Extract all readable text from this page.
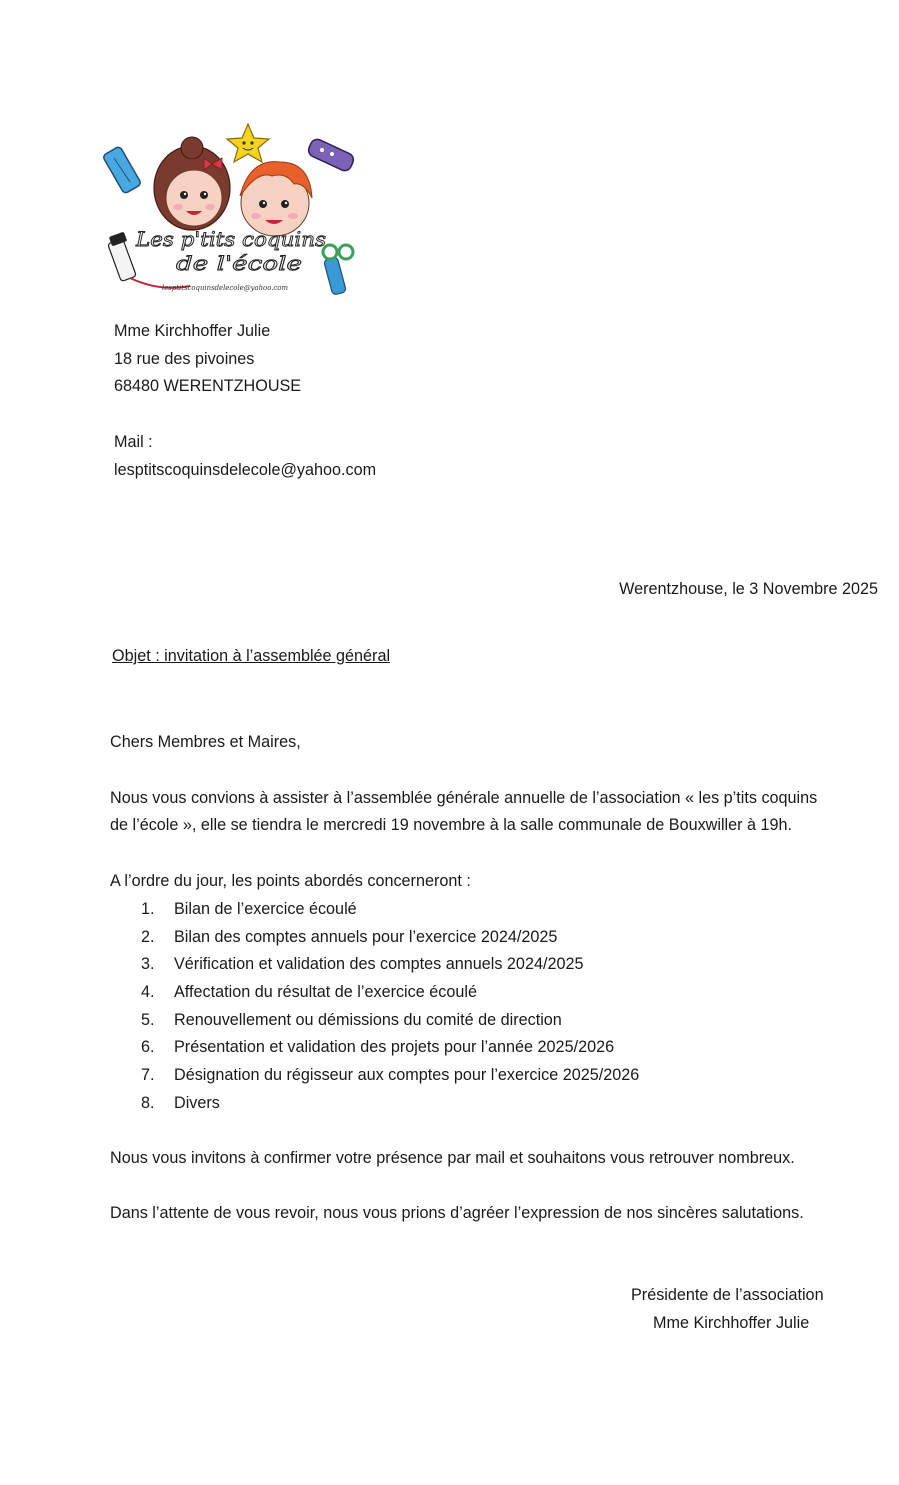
Les p'tits coquins
de l'école
lesptitscoquinsdelecole@yahoo.com
Mme Kirchhoffer Julie
18 rue des pivoines
68480 WERENTZHOUSE
Mail :
lesptitscoquinsdelecole@yahoo.com
Werentzhouse, le 3 Novembre 2025
Objet : invitation à l’assemblée général
Chers Membres et Maires,
Nous vous convions à assister à l’assemblée générale annuelle de l’association « les p’tits coquins
de l’école », elle se tiendra le mercredi 19 novembre à la salle communale de Bouxwiller à 19h.
A l’ordre du jour, les points abordés concerneront :
1. Bilan de l’exercice écoulé
2. Bilan des comptes annuels pour l’exercice 2024/2025
3. Vérification et validation des comptes annuels 2024/2025
4. Affectation du résultat de l’exercice écoulé
5. Renouvellement ou démissions du comité de direction
6. Présentation et validation des projets pour l’année 2025/2026
7. Désignation du régisseur aux comptes pour l’exercice 2025/2026
8. Divers
Nous vous invitons à confirmer votre présence par mail et souhaitons vous retrouver nombreux.
Dans l’attente de vous revoir, nous vous prions d’agréer l’expression de nos sincères salutations.
Présidente de l’association
Mme Kirchhoffer Julie
